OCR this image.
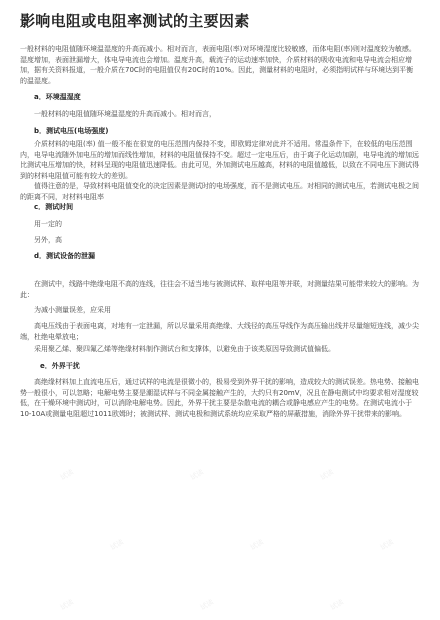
影响电阻或电阻率测试的主要因素

一般材料的电阻值随环境温湿度的升高而减小。相对而言，表面电阻(率)对环境湿度比较敏感，而体电阻(率)则对温度较为敏感。湿度增加，表面泄漏增大，体电导电流也会增加。温度升高，载流子的运动速率加快，介质材料的吸收电流和电导电流会相应增加，据有关资料报道，一般介质在70C时的电阻值仅有20C时的10%。因此，测量材料的电阻时，必须指明试样与环境达到平衡的温湿度。

a．环境温湿度
一般材料的电阻值随环境温湿度的升高而减小。相对而言，
b．测试电压(电场强度)

介质材料的电阻(率) 值一般不能在很宽的电压范围内保持不变，即欧姆定律对此并不适用。常温条件下，在较低的电压范围内，电导电流随外加电压的增加而线性增加，材料的电阻值保持不变。超过一定电压后，由于离子化运动加剧，电导电流的增加远比测试电压增加的快，材料呈现的电阻值迅速降低。由此可见，外加测试电压越高，材料的电阻值越低，以致在不同电压下测试得到的材料电阻值可能有较大的差别。

值得注意的是，导致材料电阻值变化的决定因素是测试时的电场强度，而不是测试电压。对相同的测试电压，若测试电极之间的距离不同，对材料电阻率

c．测试时间
用一定的
另外，高
d．测试设备的泄漏

在测试中，线路中绝缘电阻不高的连线，往往会不适当地与被测试样、取样电阻等并联，对测量结果可能带来较大的影响。为此：

为减小测量误差，应采用

高电压线由于表面电离，对地有一定泄漏，所以尽量采用高绝缘、大线径的高压导线作为高压输出线并尽量缩短连线，减少尖端，杜绝电晕放电；

采用聚乙烯、聚四氟乙烯等绝缘材料制作测试台和支撑体，以避免由于该类原因导致测试值偏低。

e．外界干扰

高绝缘材料加上直流电压后，通过试样的电流是很微小的，极易受到外界干扰的影响，造成较大的测试误差。热电势、接触电势一般很小，可以忽略；电解电势主要是潮湿试样与不同金属接触产生的，大约只有20mV，况且在静电测试中均要求相对湿度较低，在干燥环境中测试时，可以消除电解电势。因此，外界干扰主要是杂散电流的耦合或静电感应产生的电势。在测试电流小于10-10A或测量电阻超过1011欧姆时；被测试样、测试电极和测试系统均应采取严格的屏蔽措施，消除外界干扰带来的影响。

试读	试读	试读
试读	试读	试读
试读	试读	试读
